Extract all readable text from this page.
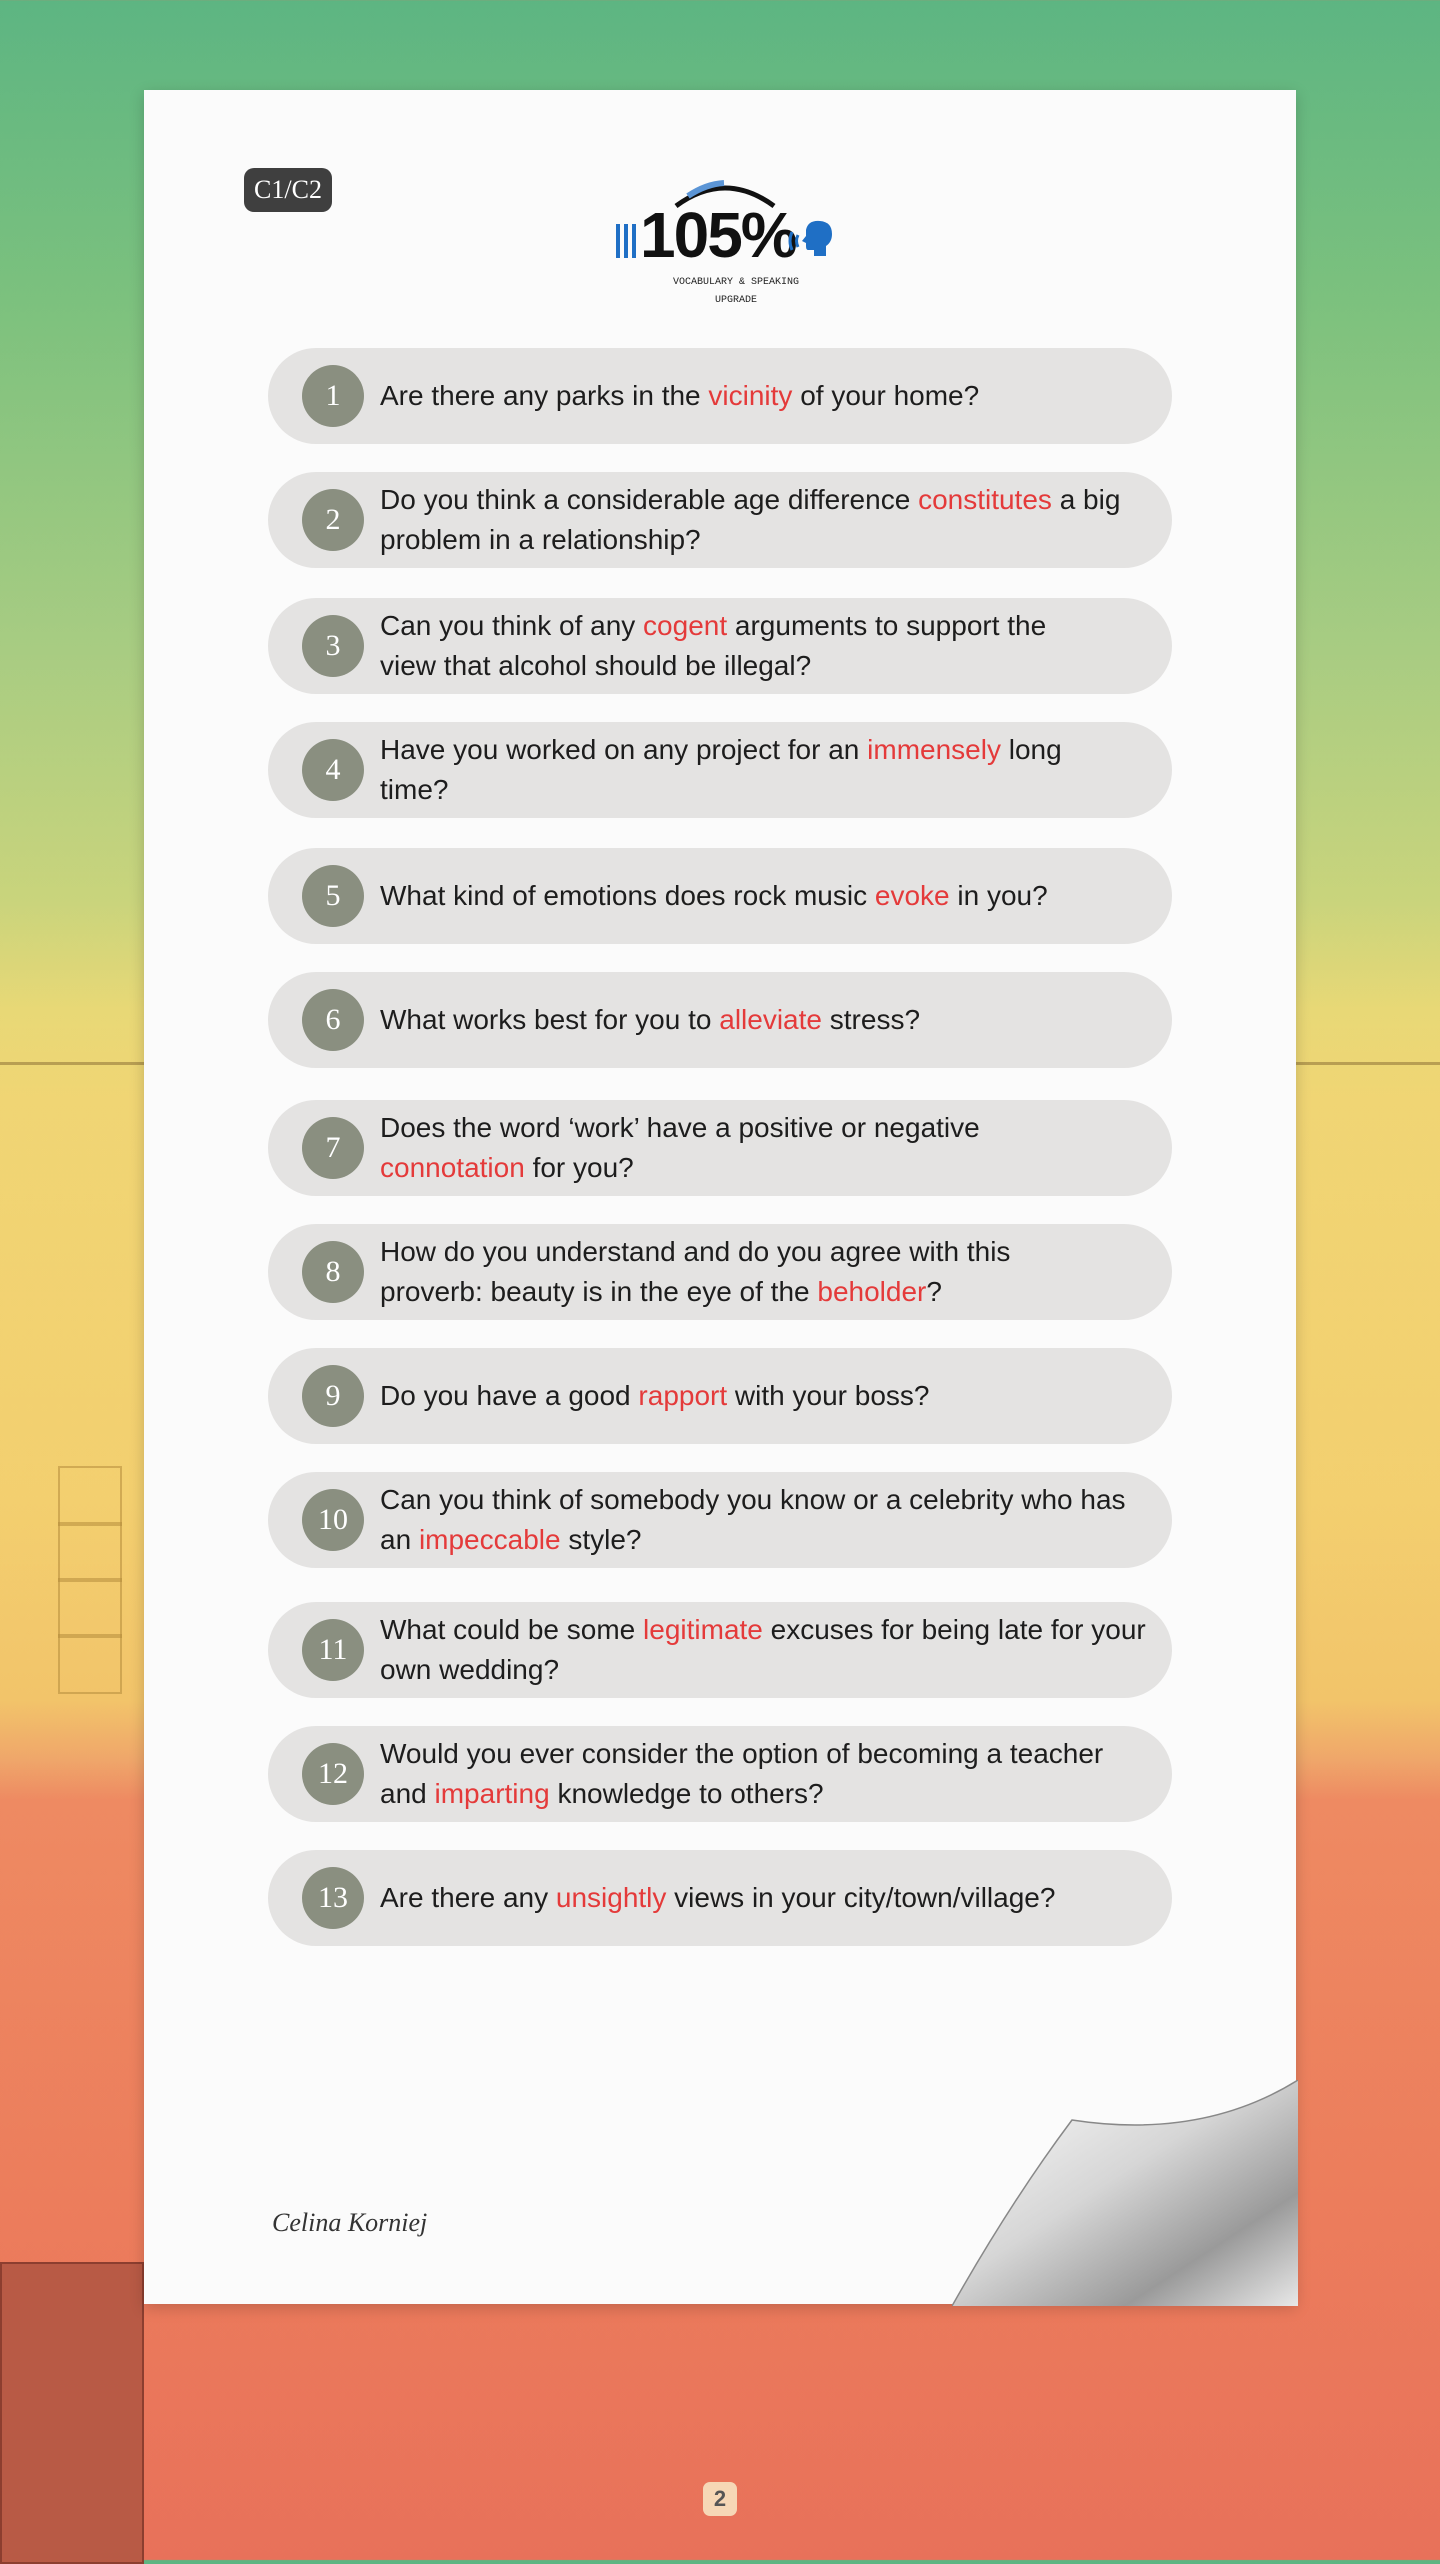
C1/C2
105%
VOCABULARY & SPEAKING
UPGRADE
1	Are there any parks in the vicinity of your home?
2
Do you think a considerable age difference constitutes a big problem in a relationship?
3
Can you think of any cogent arguments to support the view that alcohol should be illegal?
4
Have you worked on any project for an immensely long time?
5	What kind of emotions does rock music evoke in you?
6	What works best for you to alleviate stress?
7
Does the word ‘work’ have a positive or negative connotation for you?
8
How do you understand and do you agree with this proverb: beauty is in the eye of the beholder?
9	Do you have a good rapport with your boss?
10
Can you think of somebody you know or a celebrity who has an impeccable style?
11
What could be some legitimate excuses for being late for your own wedding?
12
Would you ever consider the option of becoming a teacher and imparting knowledge to others?
13	Are there any unsightly views in your city/town/village?
Celina Korniej
2
